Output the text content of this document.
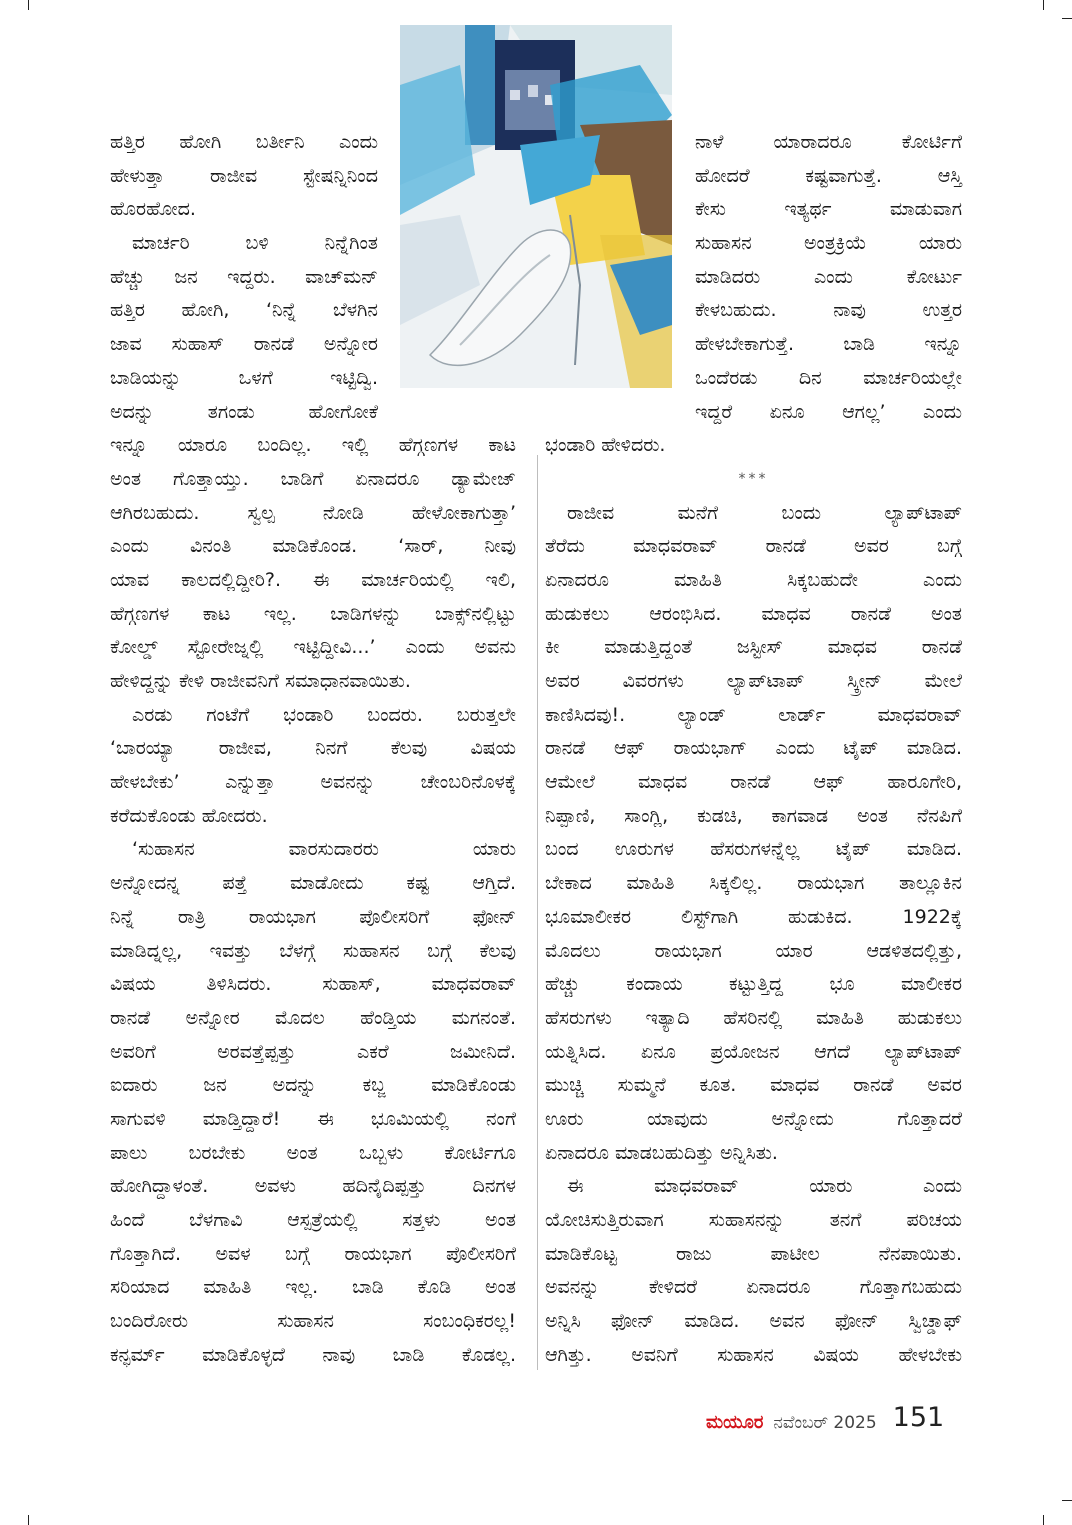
ಹತ್ತಿರ ಹೋಗಿ ಬರ್ತೀನಿ ಎಂದು
ಹೇಳುತ್ತಾ ರಾಜೀವ ಸ್ಟೇಷನ್ನಿನಿಂದ
ಹೊರಹೋದ.
ಮಾರ್ಚರಿ ಬಳಿ ನಿನ್ನೆಗಿಂತ
ಹೆಚ್ಚು ಜನ ಇದ್ದರು. ವಾಚ್‌ಮನ್
ಹತ್ತಿರ ಹೋಗಿ, ‘ನಿನ್ನೆ ಬೆಳಗಿನ
ಜಾವ ಸುಹಾಸ್ ರಾನಡೆ ಅನ್ನೋರ
ಬಾಡಿಯನ್ನು ಒಳಗೆ ಇಟ್ಟಿದ್ವಿ.
ಅದನ್ನು ತಗಂಡು ಹೋಗೋಕೆ
ಇನ್ನೂ ಯಾರೂ ಬಂದಿಲ್ಲ. ಇಲ್ಲಿ ಹೆಗ್ಗಣಗಳ ಕಾಟ
ಅಂತ ಗೊತ್ತಾಯ್ತು. ಬಾಡಿಗೆ ಏನಾದರೂ ಡ್ಯಾಮೇಜ್
ಆಗಿರಬಹುದು. ಸ್ವಲ್ಪ ನೋಡಿ ಹೇಳೋಕಾಗುತ್ತಾ’
ಎಂದು ವಿನಂತಿ ಮಾಡಿಕೊಂಡ. ‘ಸಾರ್, ನೀವು
ಯಾವ ಕಾಲದಲ್ಲಿದ್ದೀರಿ?. ಈ ಮಾರ್ಚರಿಯಲ್ಲಿ ಇಲಿ,
ಹೆಗ್ಗಣಗಳ ಕಾಟ ಇಲ್ಲ. ಬಾಡಿಗಳನ್ನು ಬಾಕ್ಸ್‌ನಲ್ಲಿಟ್ಟು
ಕೋಲ್ಡ್ ಸ್ಟೋರೇಜ್ನಲ್ಲಿ ಇಟ್ಟಿದ್ದೀವಿ...’ ಎಂದು ಅವನು
ಹೇಳಿದ್ದನ್ನು ಕೇಳಿ ರಾಜೀವನಿಗೆ ಸಮಾಧಾನವಾಯಿತು.
ಎರಡು ಗಂಟೆಗೆ ಭಂಡಾರಿ ಬಂದರು. ಬರುತ್ತಲೇ
‘ಬಾರಯ್ಯಾ ರಾಜೀವ, ನಿನಗೆ ಕೆಲವು ವಿಷಯ
ಹೇಳಬೇಕು’ ಎನ್ನುತ್ತಾ ಅವನನ್ನು ಚೇಂಬರಿನೊಳಕ್ಕೆ
ಕರೆದುಕೊಂಡು ಹೋದರು.
‘ಸುಹಾಸನ ವಾರಸುದಾರರು ಯಾರು
ಅನ್ನೋದನ್ನ ಪತ್ತೆ ಮಾಡೋದು ಕಷ್ಟ ಆಗ್ತಿದೆ.
ನಿನ್ನೆ ರಾತ್ರಿ ರಾಯಭಾಗ ಪೊಲೀಸರಿಗೆ ಫೋನ್
ಮಾಡಿದ್ನಲ್ಲ, ಇವತ್ತು ಬೆಳಗ್ಗೆ ಸುಹಾಸನ ಬಗ್ಗೆ ಕೆಲವು
ವಿಷಯ ತಿಳಿಸಿದರು. ಸುಹಾಸ್, ಮಾಧವರಾವ್
ರಾನಡೆ ಅನ್ನೋರ ಮೊದಲ ಹೆಂಡ್ತಿಯ ಮಗನಂತೆ.
ಅವರಿಗೆ ಅರವತ್ತೆಪ್ಪತ್ತು ಎಕರೆ ಜಮೀನಿದೆ.
ಐದಾರು ಜನ ಅದನ್ನು ಕಬ್ಜ ಮಾಡಿಕೊಂಡು
ಸಾಗುವಳಿ ಮಾಡ್ತಿದ್ದಾರೆ! ಈ ಭೂಮಿಯಲ್ಲಿ ನಂಗೆ
ಪಾಲು ಬರಬೇಕು ಅಂತ ಒಬ್ಬಳು ಕೋರ್ಟಿಗೂ
ಹೋಗಿದ್ದಾಳಂತೆ. ಅವಳು ಹದಿನೈದಿಪ್ಪತ್ತು ದಿನಗಳ
ಹಿಂದೆ ಬೆಳಗಾವಿ ಆಸ್ಪತ್ರೆಯಲ್ಲಿ ಸತ್ತಳು ಅಂತ
ಗೊತ್ತಾಗಿದೆ. ಅವಳ ಬಗ್ಗೆ ರಾಯಭಾಗ ಪೊಲೀಸರಿಗೆ
ಸರಿಯಾದ ಮಾಹಿತಿ ಇಲ್ಲ. ಬಾಡಿ ಕೊಡಿ ಅಂತ
ಬಂದಿರೋರು ಸುಹಾಸನ ಸಂಬಂಧಿಕರಲ್ಲ!
ಕನ್ಫರ್ಮ್ ಮಾಡಿಕೊಳ್ಳದೆ ನಾವು ಬಾಡಿ ಕೊಡಲ್ಲ.
ನಾಳೆ ಯಾರಾದರೂ ಕೋರ್ಟಿಗೆ
ಹೋದರೆ ಕಷ್ಟವಾಗುತ್ತೆ. ಆಸ್ತಿ
ಕೇಸು ಇತ್ಯರ್ಥ ಮಾಡುವಾಗ
ಸುಹಾಸನ ಅಂತ್ರಕ್ರಿಯೆ ಯಾರು
ಮಾಡಿದರು ಎಂದು ಕೋರ್ಟು
ಕೇಳಬಹುದು. ನಾವು ಉತ್ತರ
ಹೇಳಬೇಕಾಗುತ್ತೆ. ಬಾಡಿ ಇನ್ನೂ
ಒಂದೆರಡು ದಿನ ಮಾರ್ಚರಿಯಲ್ಲೇ
ಇದ್ದರೆ ಏನೂ ಆಗಲ್ಲ’ ಎಂದು
ಭಂಡಾರಿ ಹೇಳಿದರು.
***
ರಾಜೀವ ಮನೆಗೆ ಬಂದು ಲ್ಯಾಪ್‌ಟಾಪ್
ತೆರೆದು ಮಾಧವರಾವ್ ರಾನಡೆ ಅವರ ಬಗ್ಗೆ
ಏನಾದರೂ ಮಾಹಿತಿ ಸಿಕ್ಕಬಹುದೇ ಎಂದು
ಹುಡುಕಲು ಆರಂಭಿಸಿದ. ಮಾಧವ ರಾನಡೆ ಅಂತ
ಕೀ ಮಾಡುತ್ತಿದ್ದಂತೆ ಜಸ್ಟೀಸ್ ಮಾಧವ ರಾನಡೆ
ಅವರ ವಿವರಗಳು ಲ್ಯಾಪ್‌ಟಾಪ್ ಸ್ಕ್ರೀನ್ ಮೇಲೆ
ಕಾಣಿಸಿದವು!. ಲ್ಯಾಂಡ್ ಲಾರ್ಡ್ ಮಾಧವರಾವ್
ರಾನಡೆ ಆಫ್ ರಾಯಭಾಗ್ ಎಂದು ಟೈಪ್ ಮಾಡಿದ.
ಆಮೇಲೆ ಮಾಧವ ರಾನಡೆ ಆಫ್ ಹಾರೂಗೇರಿ,
ನಿಪ್ಪಾಣಿ, ಸಾಂಗ್ಲಿ, ಕುಡಚಿ, ಕಾಗವಾಡ ಅಂತ ನೆನಪಿಗೆ
ಬಂದ ಊರುಗಳ ಹೆಸರುಗಳನ್ನೆಲ್ಲ ಟೈಪ್ ಮಾಡಿದ.
ಬೇಕಾದ ಮಾಹಿತಿ ಸಿಕ್ಕಲಿಲ್ಲ. ರಾಯಭಾಗ ತಾಲ್ಲೂಕಿನ
ಭೂಮಾಲೀಕರ ಲಿಸ್ಟ್‌ಗಾಗಿ ಹುಡುಕಿದ. 1922ಕ್ಕೆ
ಮೊದಲು ರಾಯಭಾಗ ಯಾರ ಆಡಳಿತದಲ್ಲಿತ್ತು,
ಹೆಚ್ಚು ಕಂದಾಯ ಕಟ್ಟುತ್ತಿದ್ದ ಭೂ ಮಾಲೀಕರ
ಹೆಸರುಗಳು ಇತ್ಯಾದಿ ಹೆಸರಿನಲ್ಲಿ ಮಾಹಿತಿ ಹುಡುಕಲು
ಯತ್ನಿಸಿದ. ಏನೂ ಪ್ರಯೋಜನ ಆಗದೆ ಲ್ಯಾಪ್‌ಟಾಪ್
ಮುಚ್ಚಿ ಸುಮ್ಮನೆ ಕೂತ. ಮಾಧವ ರಾನಡೆ ಅವರ
ಊರು ಯಾವುದು ಅನ್ನೋದು ಗೊತ್ತಾದರೆ
ಏನಾದರೂ ಮಾಡಬಹುದಿತ್ತು ಅನ್ನಿಸಿತು.
ಈ ಮಾಧವರಾವ್ ಯಾರು ಎಂದು
ಯೋಚಿಸುತ್ತಿರುವಾಗ ಸುಹಾಸನನ್ನು ತನಗೆ ಪರಿಚಯ
ಮಾಡಿಕೊಟ್ಟ ರಾಜು ಪಾಟೀಲ ನೆನಪಾಯಿತು.
ಅವನನ್ನು ಕೇಳಿದರೆ ಏನಾದರೂ ಗೊತ್ತಾಗಬಹುದು
ಅನ್ನಿಸಿ ಫೋನ್ ಮಾಡಿದ. ಅವನ ಫೋನ್ ಸ್ವಿಚ್ಡಾಫ್
ಆಗಿತ್ತು. ಅವನಿಗೆ ಸುಹಾಸನ ವಿಷಯ ಹೇಳಬೇಕು
ಮಯೂರ ನವೆಂಬರ್ 2025 151
